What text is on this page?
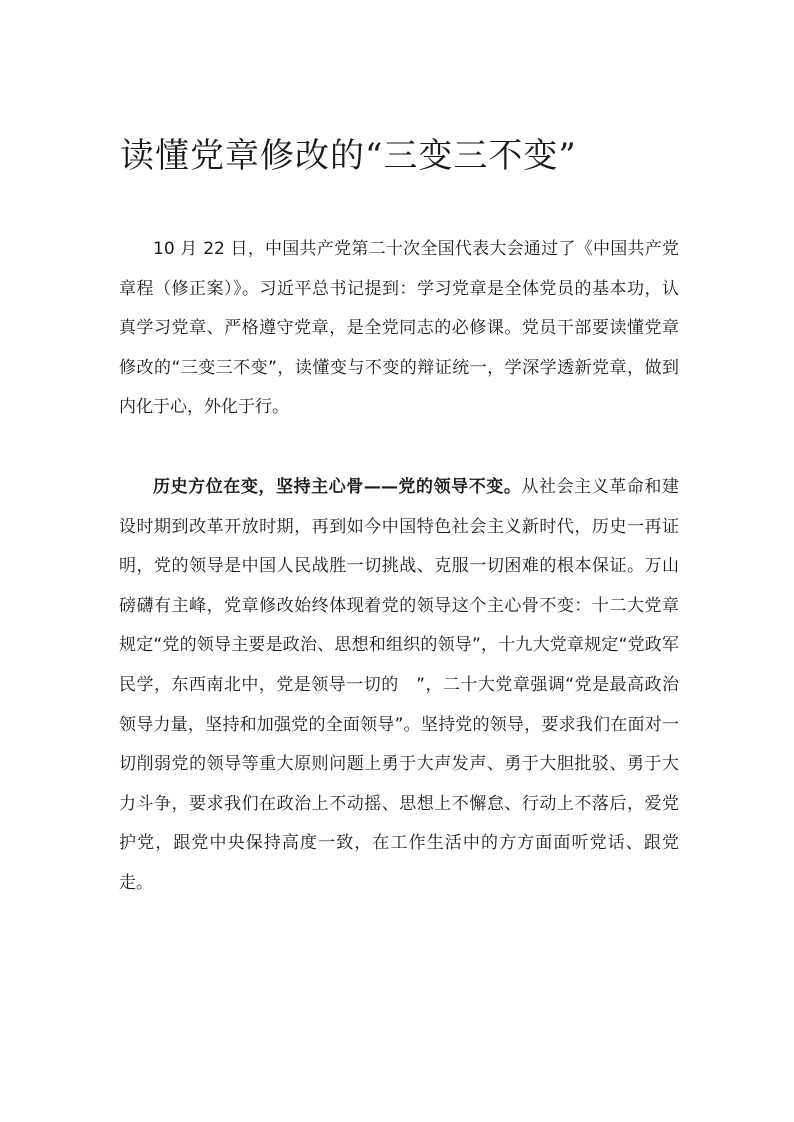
读懂党章修改的“三变三不变”

10 月 22 日，中国共产党第二十次全国代表大会通过了《中国共产党章程（修正案）》。习近平总书记提到：学习党章是全体党员的基本功，认真学习党章、严格遵守党章，是全党同志的必修课。党员干部要读懂党章修改的“三变三不变”，读懂变与不变的辩证统一，学深学透新党章，做到内化于心，外化于行。

历史方位在变，坚持主心骨——党的领导不变。从社会主义革命和建设时期到改革开放时期，再到如今中国特色社会主义新时代，历史一再证明，党的领导是中国人民战胜一切挑战、克服一切困难的根本保证。万山磅礴有主峰，党章修改始终体现着党的领导这个主心骨不变：十二大党章规定“党的领导主要是政治、思想和组织的领导”，十九大党章规定“党政军民学，东西南北中，党是领导一切的　”，二十大党章强调“党是最高政治领导力量，坚持和加强党的全面领导”。坚持党的领导，要求我们在面对一切削弱党的领导等重大原则问题上勇于大声发声、勇于大胆批驳、勇于大力斗争，要求我们在政治上不动摇、思想上不懈怠、行动上不落后，爱党护党，跟党中央保持高度一致，在工作生活中的方方面面听党话、跟党走。
